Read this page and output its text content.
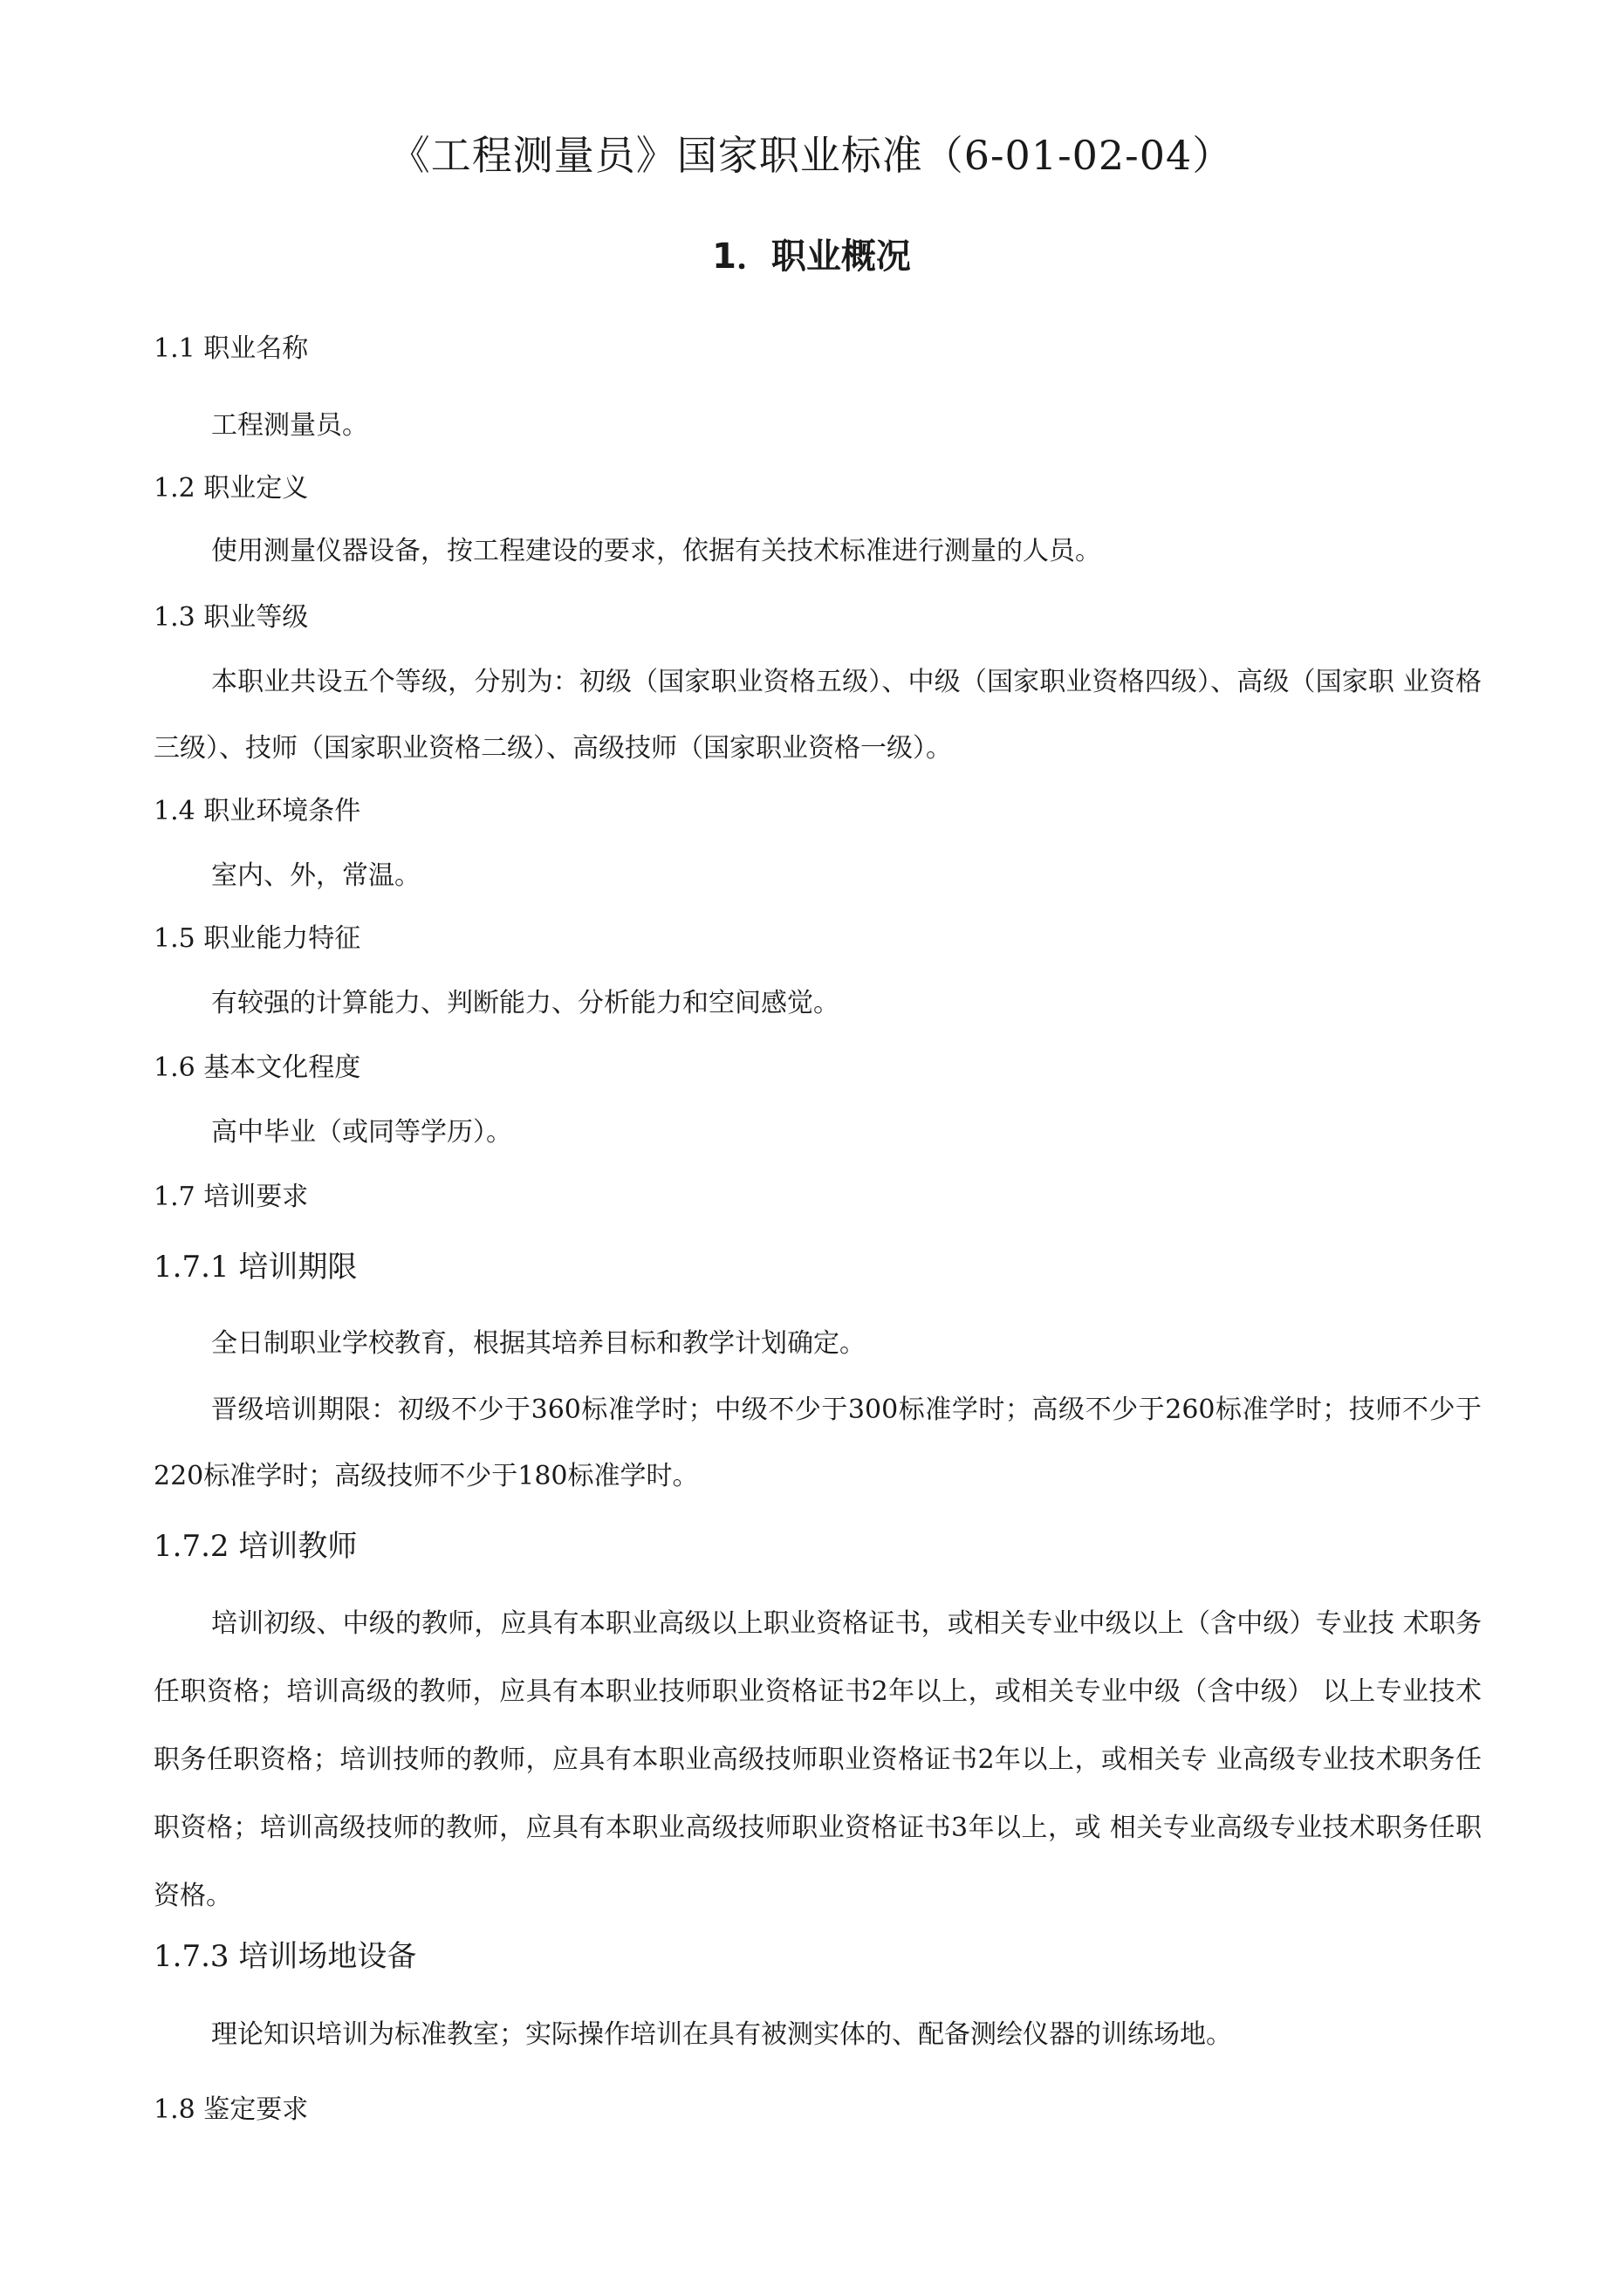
《工程测量员》国家职业标准（6-01-02-04）
1．职业概况
1.1 职业名称

工程测量员。

1.2 职业定义

使用测量仪器设备，按工程建设的要求，依据有关技术标准进行测量的人员。

1.3 职业等级

本职业共设五个等级，分别为：初级（国家职业资格五级）、中级（国家职业资格四级）、高级（国家职 业资格三级）、技师（国家职业资格二级）、高级技师（国家职业资格一级）。

1.4 职业环境条件

室内、外，常温。

1.5 职业能力特征

有较强的计算能力、判断能力、分析能力和空间感觉。

1.6 基本文化程度

高中毕业（或同等学历）。

1.7 培训要求
1.7.1 培训期限

全日制职业学校教育，根据其培养目标和教学计划确定。

晋级培训期限：初级不少于360标准学时；中级不少于300标准学时；高级不少于260标准学时；技师不少于220标准学时；高级技师不少于180标准学时。

1.7.2 培训教师

培训初级、中级的教师，应具有本职业高级以上职业资格证书，或相关专业中级以上（含中级）专业技 术职务任职资格；培训高级的教师，应具有本职业技师职业资格证书2年以上，或相关专业中级（含中级） 以上专业技术职务任职资格；培训技师的教师，应具有本职业高级技师职业资格证书2年以上，或相关专 业高级专业技术职务任职资格；培训高级技师的教师，应具有本职业高级技师职业资格证书3年以上，或 相关专业高级专业技术职务任职资格。

1.7.3 培训场地设备

理论知识培训为标准教室；实际操作培训在具有被测实体的、配备测绘仪器的训练场地。

1.8 鉴定要求
